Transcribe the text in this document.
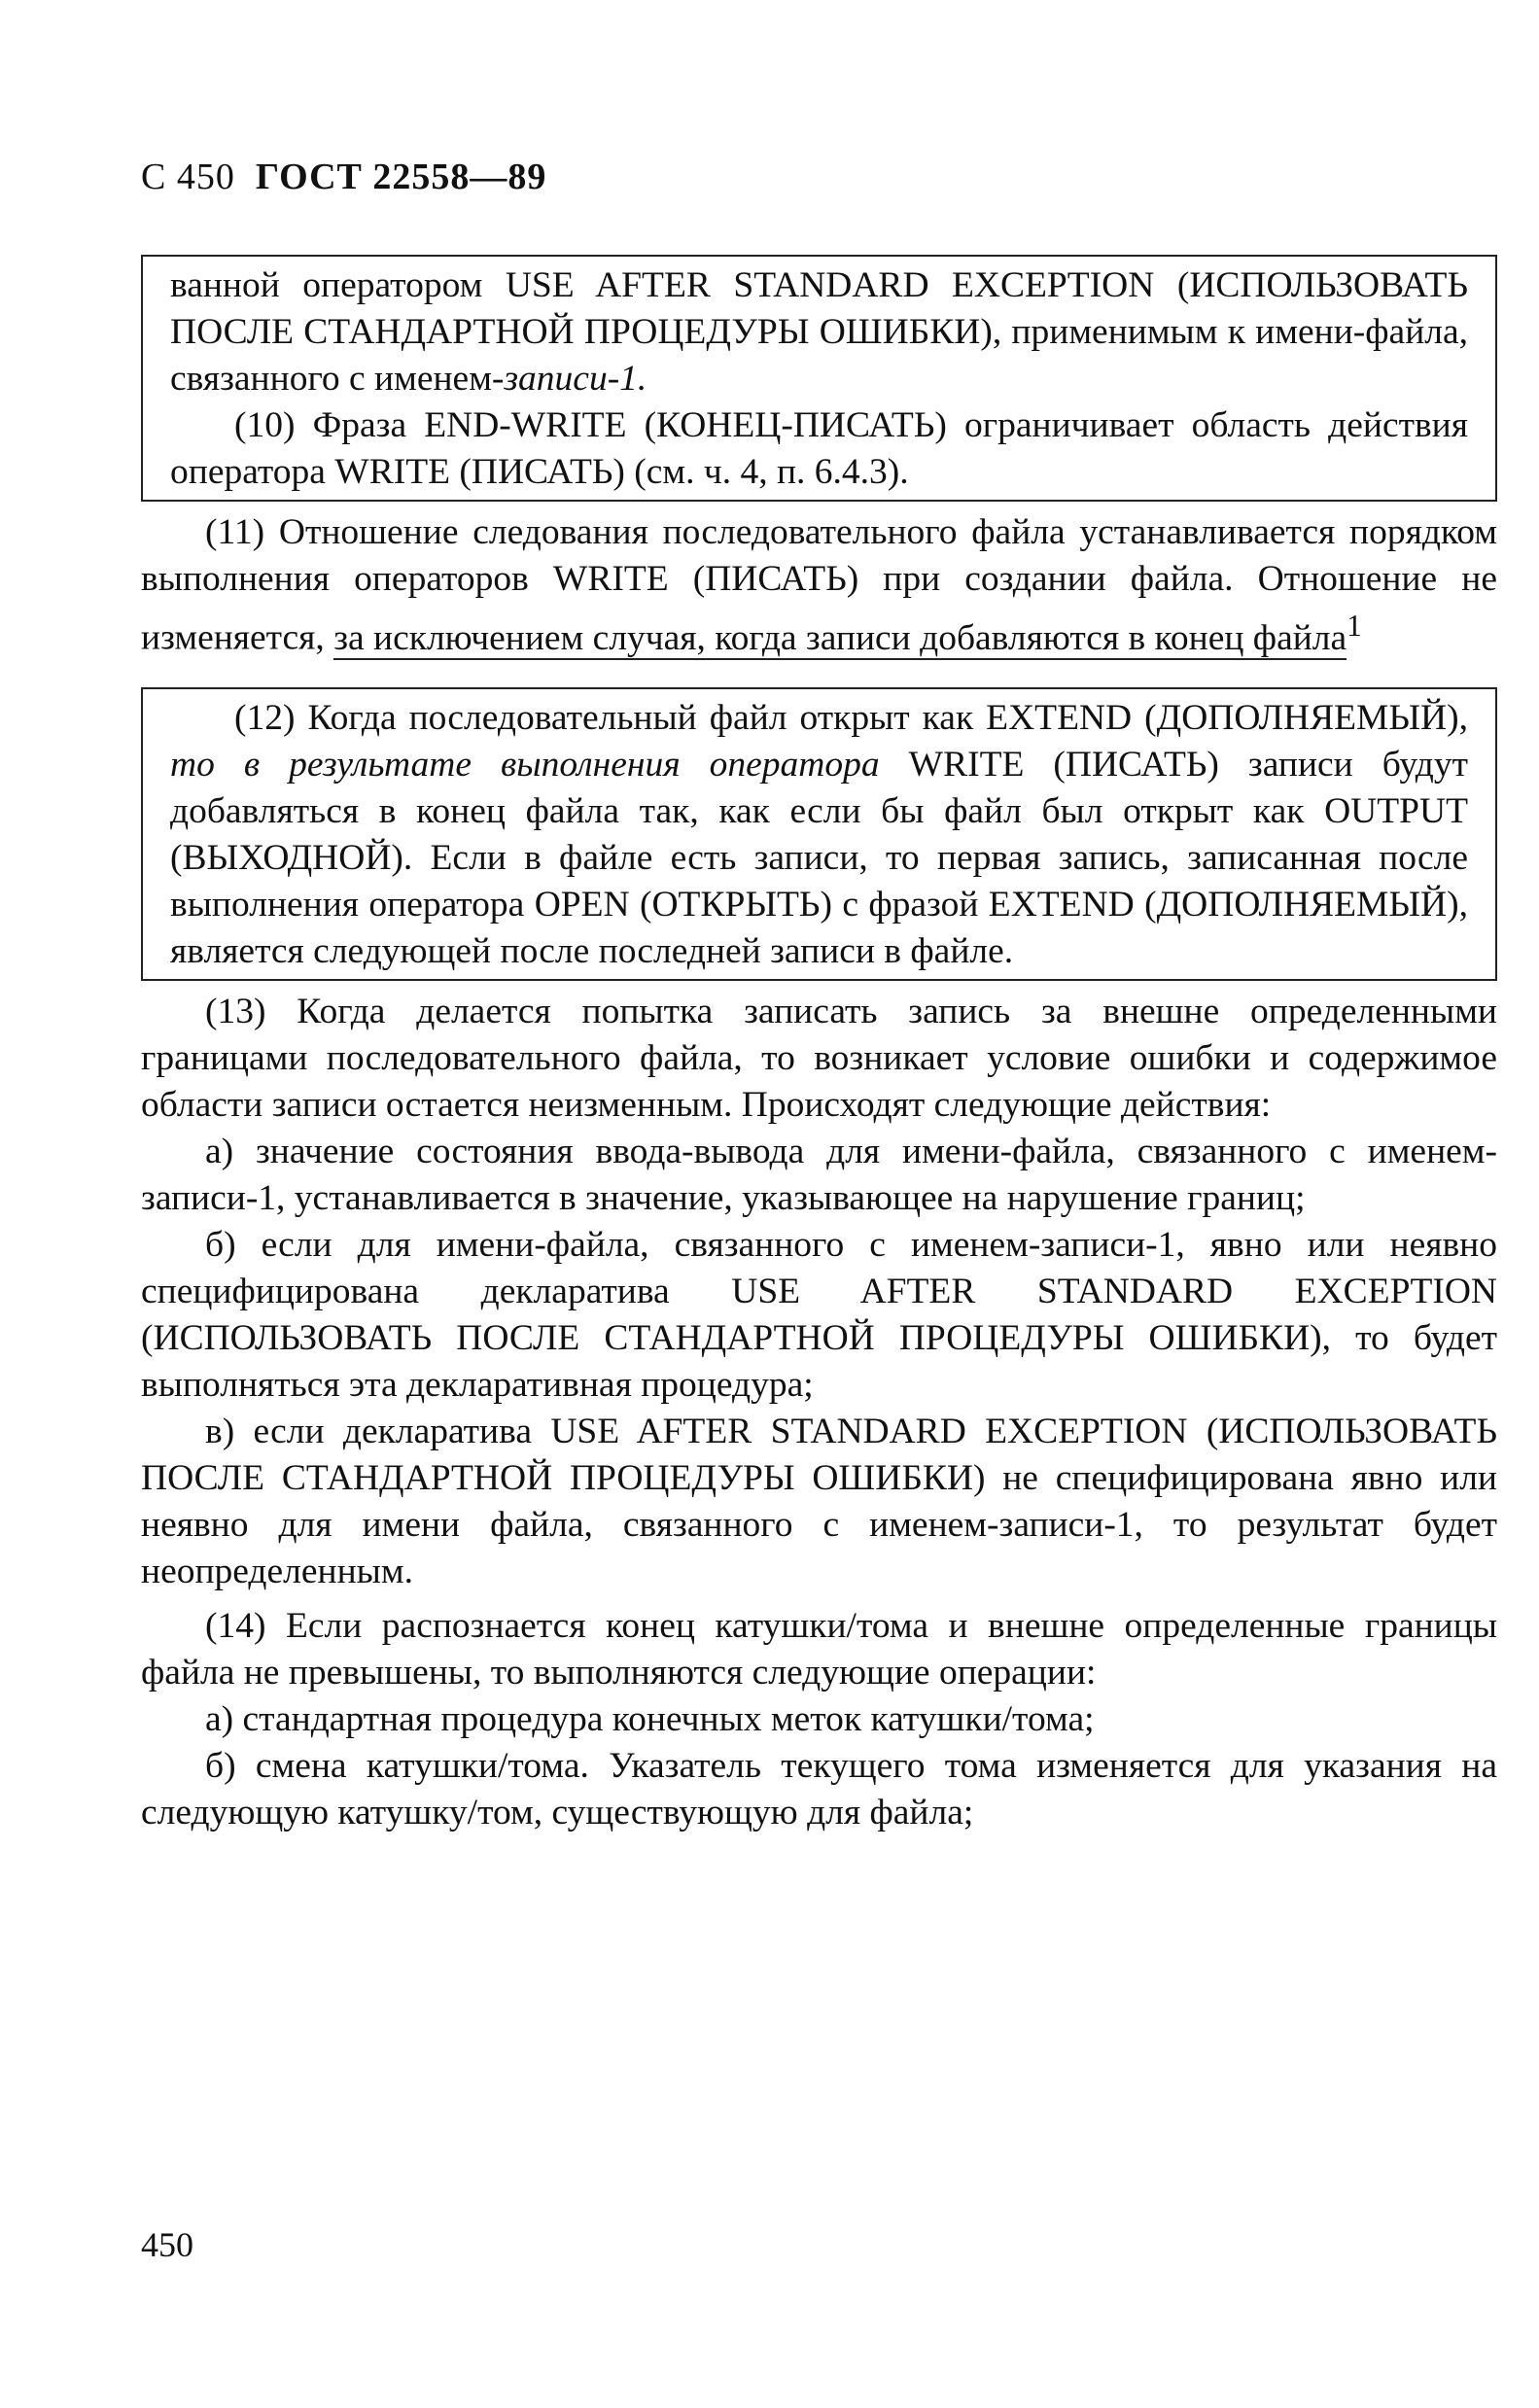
С 450 ГОСТ 22558—89

ванной оператором USE AFTER STANDARD EXCEPTION (ИСПОЛЬЗОВАТЬ ПОСЛЕ СТАНДАРТНОЙ ПРОЦЕДУРЫ ОШИБКИ), применимым к имени-файла, связанного с именем-записи-1.

(10) Фраза END-WRITE (КОНЕЦ-ПИСАТЬ) ограничивает область действия оператора WRITE (ПИСАТЬ) (см. ч. 4, п. 6.4.3).

(11) Отношение следования последовательного файла устанавливается порядком выполнения операторов WRITE (ПИСАТЬ) при создании файла. Отношение не изменяется, за исключением случая, когда записи добавляются в конец файла$^1$

(12) Когда последовательный файл открыт как EXTEND (ДОПОЛНЯЕМЫЙ), то в результате выполнения оператора WRITE (ПИСАТЬ) записи будут добавляться в конец файла так, как если бы файл был открыт как OUTPUT (ВЫХОДНОЙ). Если в файле есть записи, то первая запись, записанная после выполнения оператора OPEN (ОТКРЫТЬ) с фразой EXTEND (ДОПОЛНЯЕМЫЙ), является следующей после последней записи в файле.

(13) Когда делается попытка записать запись за внешне определенными границами последовательного файла, то возникает условие ошибки и содержимое области записи остается неизменным. Происходят следующие действия:

а) значение состояния ввода-вывода для имени-файла, связанного с именем-записи-1, устанавливается в значение, указывающее на нарушение границ;

б) если для имени-файла, связанного с именем-записи-1, явно или неявно специфицирована декларатива USE AFTER STANDARD EXCEPTION (ИСПОЛЬЗОВАТЬ ПОСЛЕ СТАНДАРТНОЙ ПРОЦЕДУРЫ ОШИБКИ), то будет выполняться эта декларативная процедура;

в) если декларатива USE AFTER STANDARD EXCEPTION (ИСПОЛЬЗОВАТЬ ПОСЛЕ СТАНДАРТНОЙ ПРОЦЕДУРЫ ОШИБКИ) не специфицирована явно или неявно для имени файла, связанного с именем-записи-1, то результат будет неопределенным.

(14) Если распознается конец катушки/тома и внешне определенные границы файла не превышены, то выполняются следующие операции:

а) стандартная процедура конечных меток катушки/тома;

б) смена катушки/тома. Указатель текущего тома изменяется для указания на следующую катушку/том, существующую для файла;

450
